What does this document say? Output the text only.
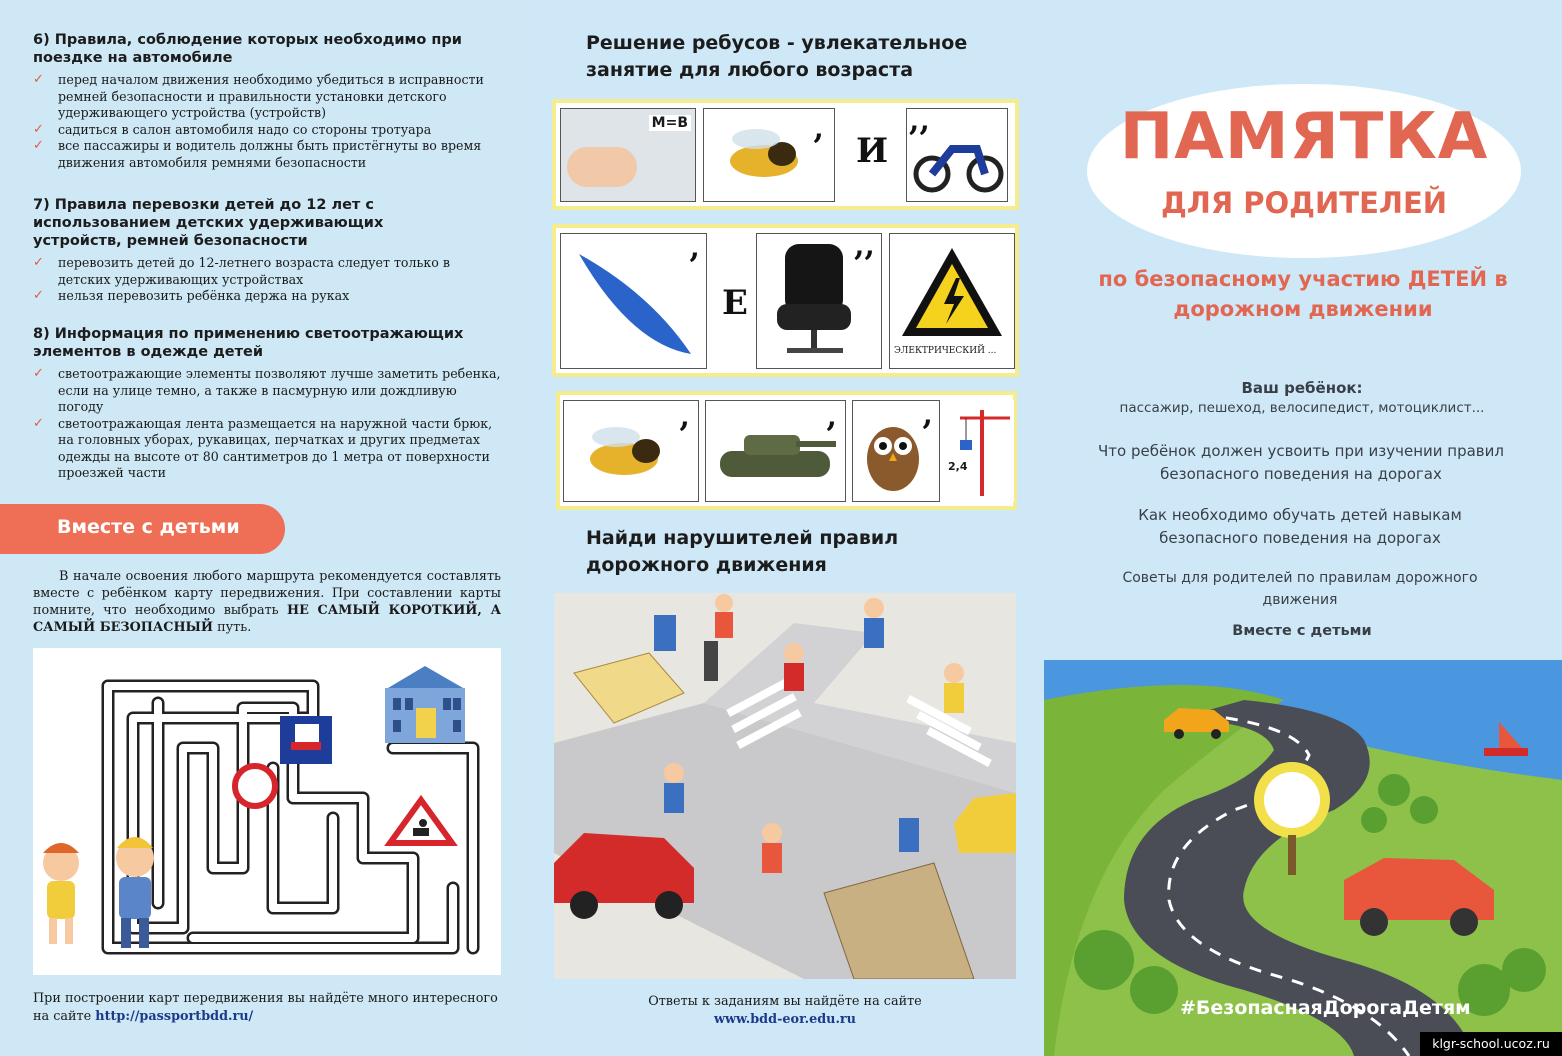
6) Правила, соблюдение которых необходимо при поездке на автомобиле
✓ перед началом движения необходимо убедиться в исправности ремней безопасности и правильности установки детского удерживающего устройства (устройств)
✓ садиться в салон автомобиля надо со стороны тротуара
✓ все пассажиры и водитель должны быть пристёгнуты во время движения автомобиля ремнями безопасности
7) Правила перевозки детей до 12 лет с использованием детских удерживающих устройств, ремней безопасности
✓ перевозить детей до 12-летнего возраста следует только в детских удерживающих устройствах
✓ нельзя перевозить ребёнка держа на руках
8) Информация по применению светоотражающих элементов в одежде детей
✓ светоотражающие элементы позволяют лучше заметить ребенка, если на улице темно, а также в пасмурную или дождливую погоду
✓ светоотражающая лента размещается на наружной части брюк, на головных уборах, рукавицах, перчатках и других предметах одежды на высоте от 80 сантиметров до 1 метра от поверхности проезжей части
Вместе с детьми
В начале освоения любого маршрута рекомендуется составлять вместе с ребёнком карту передвижения. При составлении карты помните, что необходимо выбрать НЕ САМЫЙ КОРОТКИЙ, А САМЫЙ БЕЗОПАСНЫЙ путь.
При построении карт передвижения вы найдёте много интересного на сайте http://passportbdd.ru/
Решение ребусов - увлекательное занятие для любого возраста
М=В	,
И
,,
,
Е
,,
ЭЛЕКТРИЧЕСКИЙ ...
,	,	,
2,4
Найди нарушителей правил дорожного движения
Ответы к заданиям вы найдёте на сайте
www.bdd-eor.edu.ru
ПАМЯТКА
ДЛЯ РОДИТЕЛЕЙ
по безопасному участию ДЕТЕЙ в дорожном движении
Ваш ребёнок:
пассажир, пешеход, велосипедист, мотоциклист...
Что ребёнок должен усвоить при изучении правил безопасного поведения на дорогах
Как необходимо обучать детей навыкам безопасного поведения на дорогах
Советы для родителей по правилам дорожного движения
Вместе с детьми
#БезопаснаяДорогаДетям
klgr-school.ucoz.ru
